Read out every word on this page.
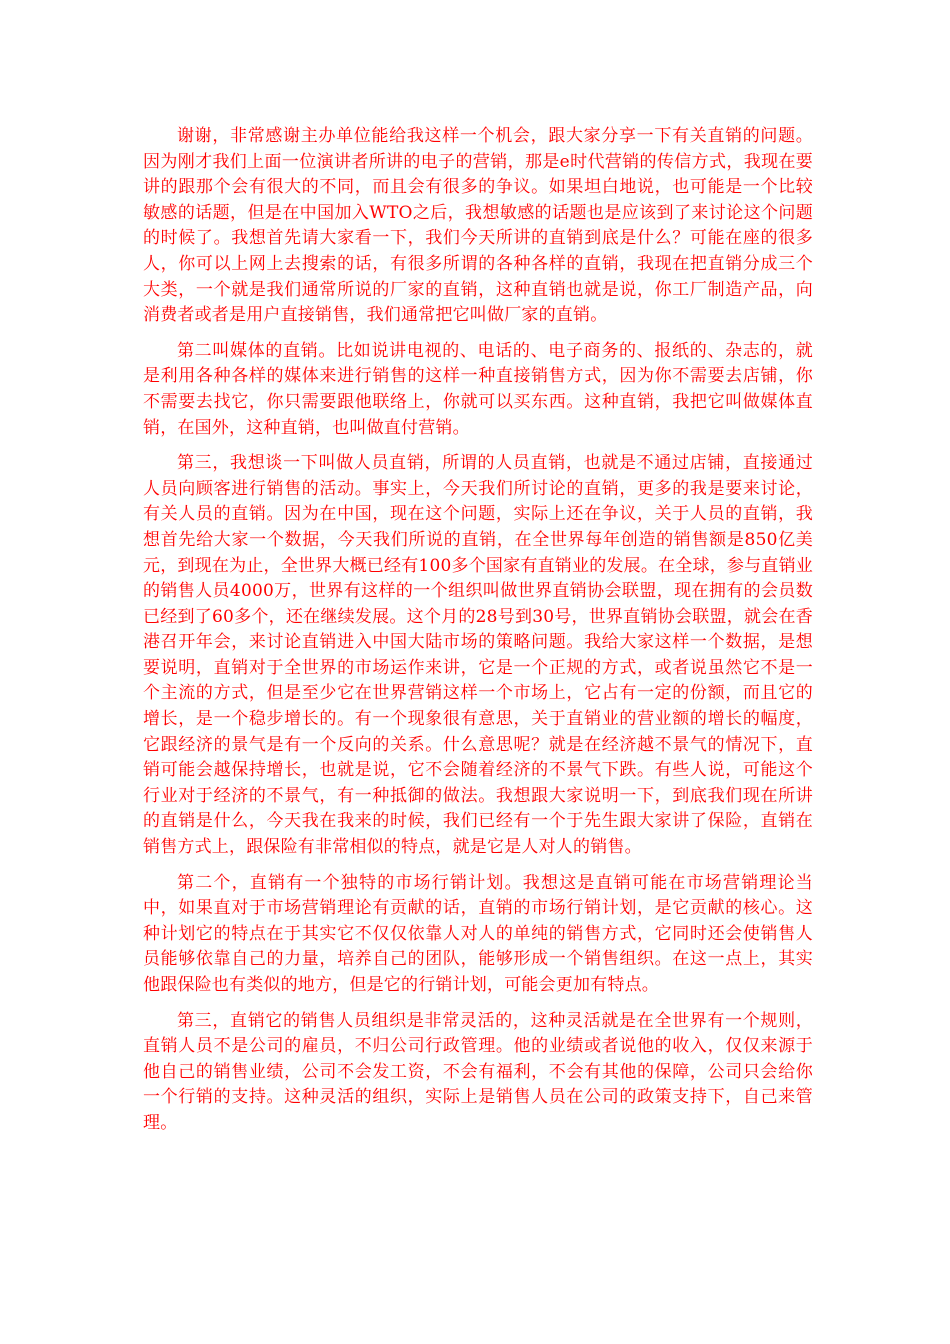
谢谢，非常感谢主办单位能给我这样一个机会，跟大家分享一下有关直销的问题。因为刚才我们上面一位演讲者所讲的电子的营销，那是e时代营销的传信方式，我现在要讲的跟那个会有很大的不同，而且会有很多的争议。如果坦白地说，也可能是一个比较敏感的话题，但是在中国加入WTO之后，我想敏感的话题也是应该到了来讨论这个问题的时候了。我想首先请大家看一下，我们今天所讲的直销到底是什么？可能在座的很多人，你可以上网上去搜索的话，有很多所谓的各种各样的直销，我现在把直销分成三个大类，一个就是我们通常所说的厂家的直销，这种直销也就是说，你工厂制造产品，向消费者或者是用户直接销售，我们通常把它叫做厂家的直销。

第二叫媒体的直销。比如说讲电视的、电话的、电子商务的、报纸的、杂志的，就是利用各种各样的媒体来进行销售的这样一种直接销售方式，因为你不需要去店铺，你不需要去找它，你只需要跟他联络上，你就可以买东西。这种直销，我把它叫做媒体直销，在国外，这种直销，也叫做直付营销。

第三，我想谈一下叫做人员直销，所谓的人员直销，也就是不通过店铺，直接通过人员向顾客进行销售的活动。事实上，今天我们所讨论的直销，更多的我是要来讨论，有关人员的直销。因为在中国，现在这个问题，实际上还在争议，关于人员的直销，我想首先给大家一个数据，今天我们所说的直销，在全世界每年创造的销售额是850亿美元，到现在为止，全世界大概已经有100多个国家有直销业的发展。在全球，参与直销业的销售人员4000万，世界有这样的一个组织叫做世界直销协会联盟，现在拥有的会员数已经到了60多个，还在继续发展。这个月的28号到30号，世界直销协会联盟，就会在香港召开年会，来讨论直销进入中国大陆市场的策略问题。我给大家这样一个数据，是想要说明，直销对于全世界的市场运作来讲，它是一个正规的方式，或者说虽然它不是一个主流的方式，但是至少它在世界营销这样一个市场上，它占有一定的份额，而且它的增长，是一个稳步增长的。有一个现象很有意思，关于直销业的营业额的增长的幅度，它跟经济的景气是有一个反向的关系。什么意思呢？就是在经济越不景气的情况下，直销可能会越保持增长，也就是说，它不会随着经济的不景气下跌。有些人说，可能这个行业对于经济的不景气，有一种抵御的做法。我想跟大家说明一下，到底我们现在所讲的直销是什么，今天我在我来的时候，我们已经有一个于先生跟大家讲了保险，直销在销售方式上，跟保险有非常相似的特点，就是它是人对人的销售。

第二个，直销有一个独特的市场行销计划。我想这是直销可能在市场营销理论当中，如果直对于市场营销理论有贡献的话，直销的市场行销计划，是它贡献的核心。这种计划它的特点在于其实它不仅仅依靠人对人的单纯的销售方式，它同时还会使销售人员能够依靠自己的力量，培养自己的团队，能够形成一个销售组织。在这一点上，其实他跟保险也有类似的地方，但是它的行销计划，可能会更加有特点。

第三，直销它的销售人员组织是非常灵活的，这种灵活就是在全世界有一个规则，直销人员不是公司的雇员，不归公司行政管理。他的业绩或者说他的收入，仅仅来源于他自己的销售业绩，公司不会发工资，不会有福利，不会有其他的保障，公司只会给你一个行销的支持。这种灵活的组织，实际上是销售人员在公司的政策支持下，自己来管理。
